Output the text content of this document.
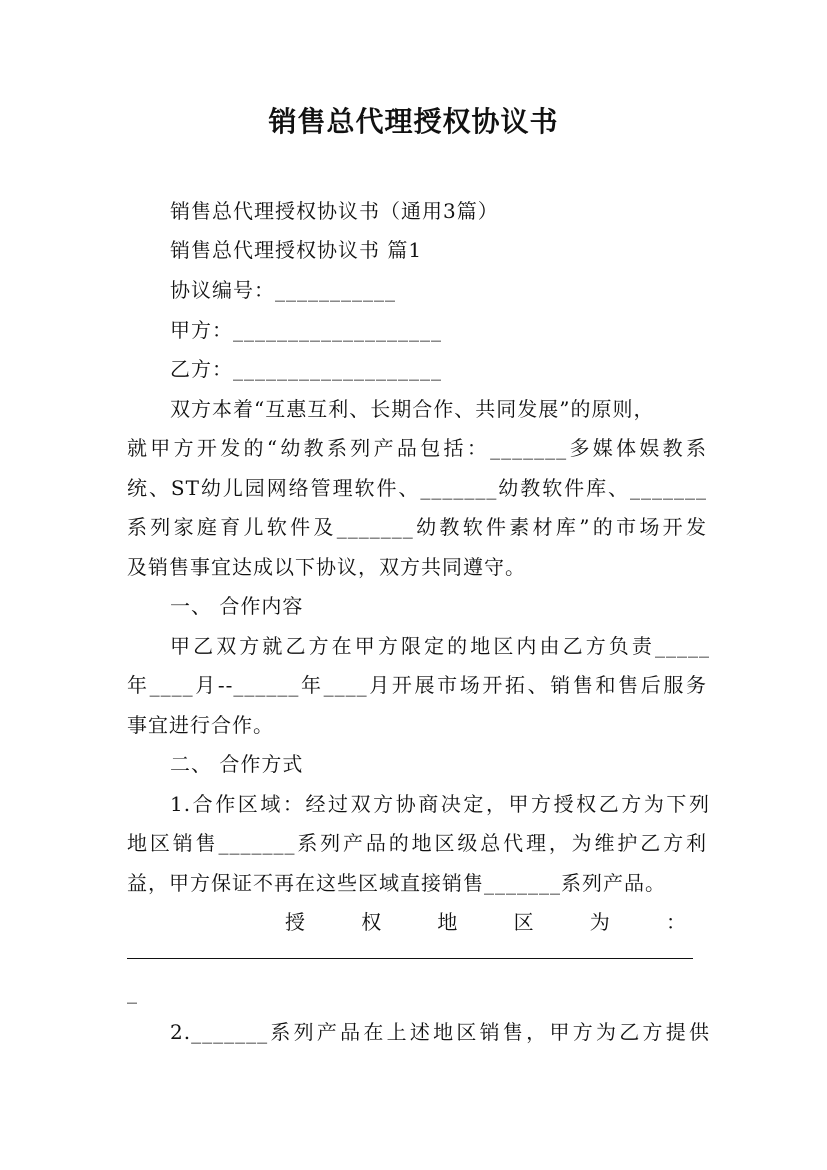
销售总代理授权协议书
销售总代理授权协议书（通用3篇）
销售总代理授权协议书 篇1
协议编号：___________
甲方：___________________
乙方：___________________
双方本着“互惠互利、长期合作、共同发展”的原则，
就甲方开发的“幼教系列产品包括：_______多媒体娱教系
统、ST幼儿园网络管理软件、_______幼教软件库、_______
系列家庭育儿软件及_______幼教软件素材库”的市场开发
及销售事宜达成以下协议，双方共同遵守。
一、 合作内容
甲乙双方就乙方在甲方限定的地区内由乙方负责_____
年____月--______年____月开展市场开拓、销售和售后服务
事宜进行合作。
二、 合作方式
1.合作区域：经过双方协商决定，甲方授权乙方为下列
地区销售_______系列产品的地区级总代理，为维护乙方利
益，甲方保证不再在这些区域直接销售_______系列产品。
授	权	地	区	为	：
_
2._______系列产品在上述地区销售，甲方为乙方提供
